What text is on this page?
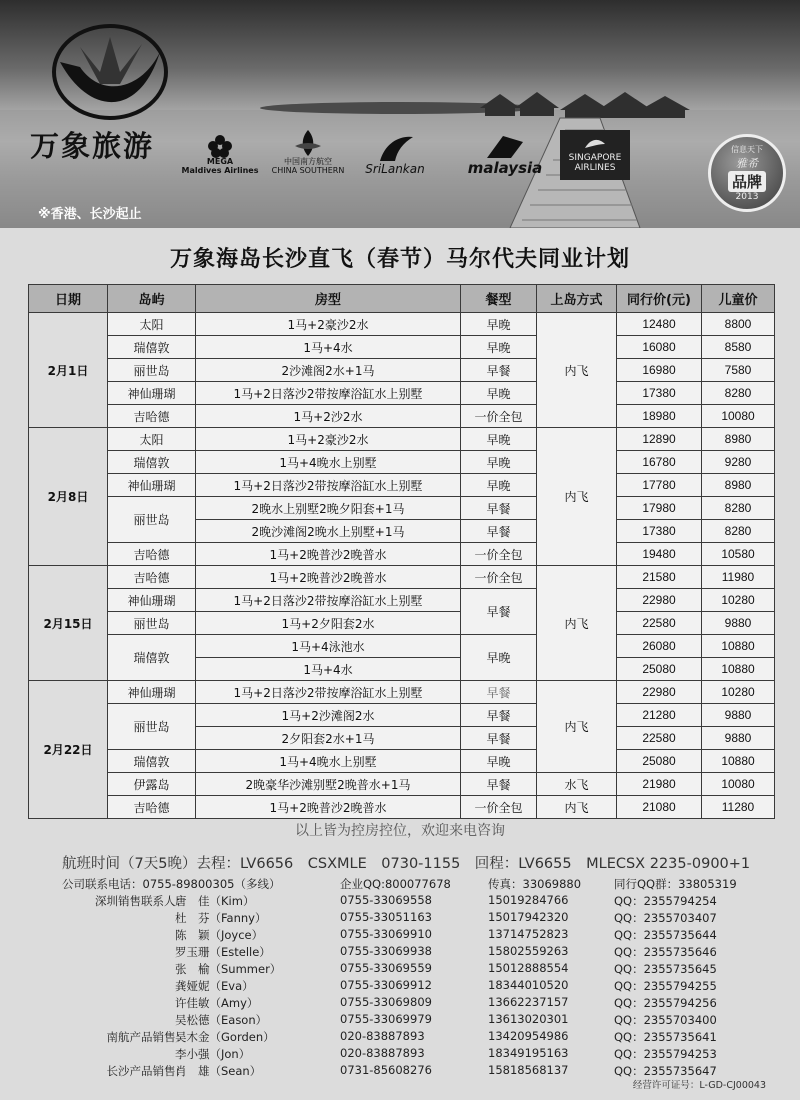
万象旅游	MEGA
Maldives Airlines
中国南方航空
CHINA SOUTHERN SriLankan	malaysia
SINGAPORE
AIRLINES
信息天下
雅希
品牌
2013
※香港、长沙起止
万象海岛长沙直飞（春节）马尔代夫同业计划
日期	岛屿	房型	餐型	上岛方式	同行价(元)	儿童价
2月1日	太阳	1马+2豪沙2水	早晚	内飞	12480	8800
	瑞僖敦	1马+4水	早晚		16080	8580
	丽世岛	2沙滩阁2水+1马	早餐		16980	7580
	神仙珊瑚	1马+2日落沙2带按摩浴缸水上别墅	早晚		17380	8280
	吉哈德	1马+2沙2水	一价全包		18980	10080
2月8日	太阳	1马+2豪沙2水	早晚	内飞	12890	8980
	瑞僖敦	1马+4晚水上别墅	早晚		16780	9280
	神仙珊瑚	1马+2日落沙2带按摩浴缸水上别墅	早晚		17780	8980
	丽世岛	2晚水上别墅2晚夕阳套+1马	早餐		17980	8280
		2晚沙滩阁2晚水上别墅+1马	早餐		17380	8280
	吉哈德	1马+2晚普沙2晚普水	一价全包		19480	10580
2月15日	吉哈德	1马+2晚普沙2晚普水	一价全包	内飞	21580	11980
	神仙珊瑚	1马+2日落沙2带按摩浴缸水上别墅	早餐		22980	10280
	丽世岛	1马+2夕阳套2水			22580	9880
	瑞僖敦	1马+4泳池水	早晚		26080	10880
		1马+4水			25080	10880
2月22日	神仙珊瑚	1马+2日落沙2带按摩浴缸水上别墅	早餐	内飞	22980	10280
	丽世岛	1马+2沙滩阁2水	早餐		21280	9880
		2夕阳套2水+1马	早餐		22580	9880
	瑞僖敦	1马+4晚水上别墅	早晚		25080	10880
	伊露岛	2晚豪华沙滩别墅2晚普水+1马	早餐	水飞	21980	10080
	吉哈德	1马+2晚普沙2晚普水	一价全包	内飞	21080	11280
以上皆为控房控位，欢迎来电咨询
航班时间（7天5晚）去程：LV6656　CSXMLE　0730-1155　回程：LV6655　MLECSX 2235-0900+1
公司联系电话：0755-89800305（多线）	企业QQ:800077678	传真：33069880	同行QQ群：33805319
深圳销售联系人：
唐　佳（Kim）	0755-33069558	15019284766	QQ：2355794254
杜　芬（Fanny）	0755-33051163	15017942320	QQ：2355703407
陈　颖（Joyce）	0755-33069910	13714752823	QQ：2355735644
罗玉珊（Estelle）	0755-33069938	15802559263	QQ：2355735646
张　榆（Summer）	0755-33069559	15012888554	QQ：2355735645
龚娅妮（Eva）	0755-33069912	18344010520	QQ：2355794255
许佳敏（Amy）	0755-33069809	13662237157	QQ：2355794256
吴松德（Eason）	0755-33069979	13613020301	QQ：2355703400
南航产品销售：
吴木金（Gorden）	020-83887893	13420954986	QQ：2355735641
李小强（Jon）	020-83887893	18349195163	QQ：2355794253
长沙产品销售：
肖　雄（Sean）	0731-85608276	15818568137	QQ：2355735647
经营许可证号：L-GD-CJ00043
